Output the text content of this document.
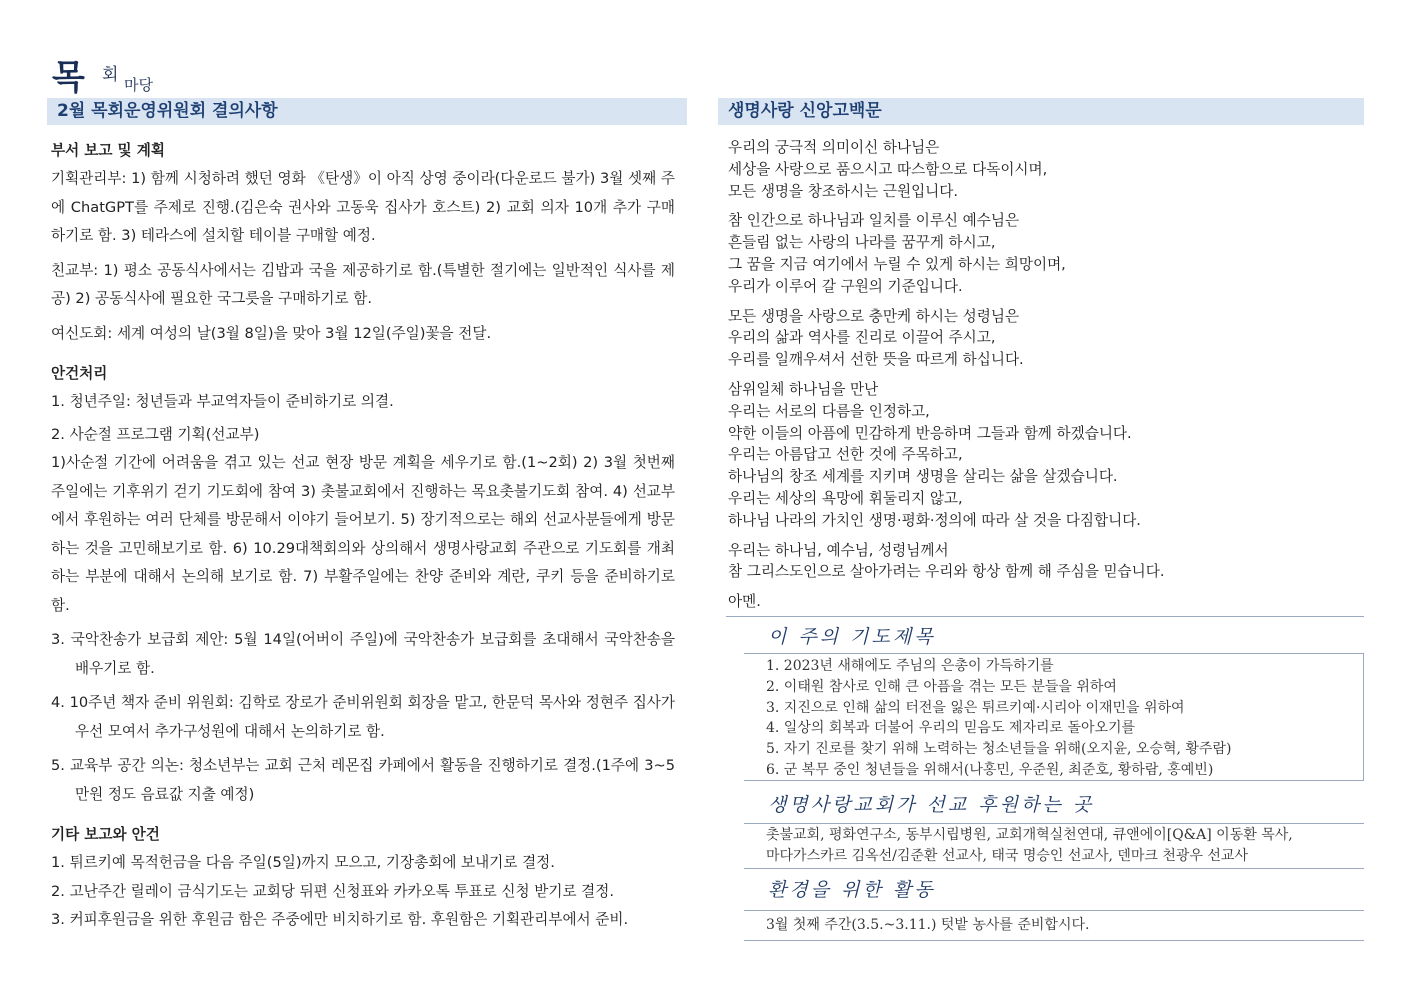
목 회 마당
2월 목회운영위원회 결의사항	생명사랑 신앙고백문
부서 보고 및 계획

기획관리부: 1) 함께 시청하려 했던 영화 《탄생》이 아직 상영 중이라(다운로드 불가) 3월 셋째 주에 ChatGPT를 주제로 진행.(김은숙 권사와 고동욱 집사가 호스트) 2) 교회 의자 10개 추가 구매하기로 함. 3) 테라스에 설치할 테이블 구매할 예정.

친교부: 1) 평소 공동식사에서는 김밥과 국을 제공하기로 함.(특별한 절기에는 일반적인 식사를 제공) 2) 공동식사에 필요한 국그릇을 구매하기로 함.

여신도회: 세계 여성의 날(3월 8일)을 맞아 3월 12일(주일)꽃을 전달.

안건처리

1. 청년주일: 청년들과 부교역자들이 준비하기로 의결.

2. 사순절 프로그램 기획(선교부)

1)사순절 기간에 어려움을 겪고 있는 선교 현장 방문 계획을 세우기로 함.(1~2회) 2) 3월 첫번째 주일에는 기후위기 걷기 기도회에 참여 3) 촛불교회에서 진행하는 목요촛불기도회 참여. 4) 선교부에서 후원하는 여러 단체를 방문해서 이야기 들어보기. 5) 장기적으로는 해외 선교사분들에게 방문하는 것을 고민해보기로 함. 6) 10.29대책회의와 상의해서 생명사랑교회 주관으로 기도회를 개최하는 부분에 대해서 논의해 보기로 함. 7) 부활주일에는 찬양 준비와 계란, 쿠키 등을 준비하기로 함.

3. 국악찬송가 보급회 제안: 5월 14일(어버이 주일)에 국악찬송가 보급회를 초대해서 국악찬송을 배우기로 함.

4. 10주년 책자 준비 위원회: 김학로 장로가 준비위원회 회장을 맡고, 한문덕 목사와 정현주 집사가 우선 모여서 추가구성원에 대해서 논의하기로 함.

5. 교육부 공간 의논: 청소년부는 교회 근처 레몬집 카페에서 활동을 진행하기로 결정.(1주에 3~5만원 정도 음료값 지출 예정)

기타 보고와 안건

1. 튀르키예 목적헌금을 다음 주일(5일)까지 모으고, 기장총회에 보내기로 결정.

2. 고난주간 릴레이 금식기도는 교회당 뒤편 신청표와 카카오톡 투표로 신청 받기로 결정.

3. 커피후원금을 위한 후원금 함은 주중에만 비치하기로 함. 후원함은 기획관리부에서 준비.

우리의 궁극적 의미이신 하나님은
세상을 사랑으로 품으시고 따스함으로 다독이시며,
모든 생명을 창조하시는 근원입니다.
참 인간으로 하나님과 일치를 이루신 예수님은
흔들림 없는 사랑의 나라를 꿈꾸게 하시고,
그 꿈을 지금 여기에서 누릴 수 있게 하시는 희망이며,
우리가 이루어 갈 구원의 기준입니다.
모든 생명을 사랑으로 충만케 하시는 성령님은
우리의 삶과 역사를 진리로 이끌어 주시고,
우리를 일깨우셔서 선한 뜻을 따르게 하십니다.
삼위일체 하나님을 만난
우리는 서로의 다름을 인정하고,
약한 이들의 아픔에 민감하게 반응하며 그들과 함께 하겠습니다.
우리는 아름답고 선한 것에 주목하고,
하나님의 창조 세계를 지키며 생명을 살리는 삶을 살겠습니다.
우리는 세상의 욕망에 휘둘리지 않고,
하나님 나라의 가치인 생명·평화·정의에 따라 살 것을 다짐합니다.
우리는 하나님, 예수님, 성령님께서
참 그리스도인으로 살아가려는 우리와 항상 함께 해 주심을 믿습니다.
아멘.
이 주의 기도제목
1. 2023년 새해에도 주님의 은총이 가득하기를
2. 이태원 참사로 인해 큰 아픔을 겪는 모든 분들을 위하여
3. 지진으로 인해 삶의 터전을 잃은 튀르키예·시리아 이재민을 위하여
4. 일상의 회복과 더불어 우리의 믿음도 제자리로 돌아오기를
5. 자기 진로를 찾기 위해 노력하는 청소년들을 위해(오지윤, 오승혁, 황주람)
6. 군 복무 중인 청년들을 위해서(나홍민, 우준원, 최준호, 황하람, 홍예빈)
생명사랑교회가 선교 후원하는 곳
촛불교회, 평화연구소, 동부시립병원, 교회개혁실천연대, 큐앤에이[Q&A] 이동환 목사,
마다가스카르 김옥선/김준환 선교사, 태국 명승인 선교사, 덴마크 천광우 선교사
환경을 위한 활동
3월 첫째 주간(3.5.~3.11.) 텃밭 농사를 준비합시다.
